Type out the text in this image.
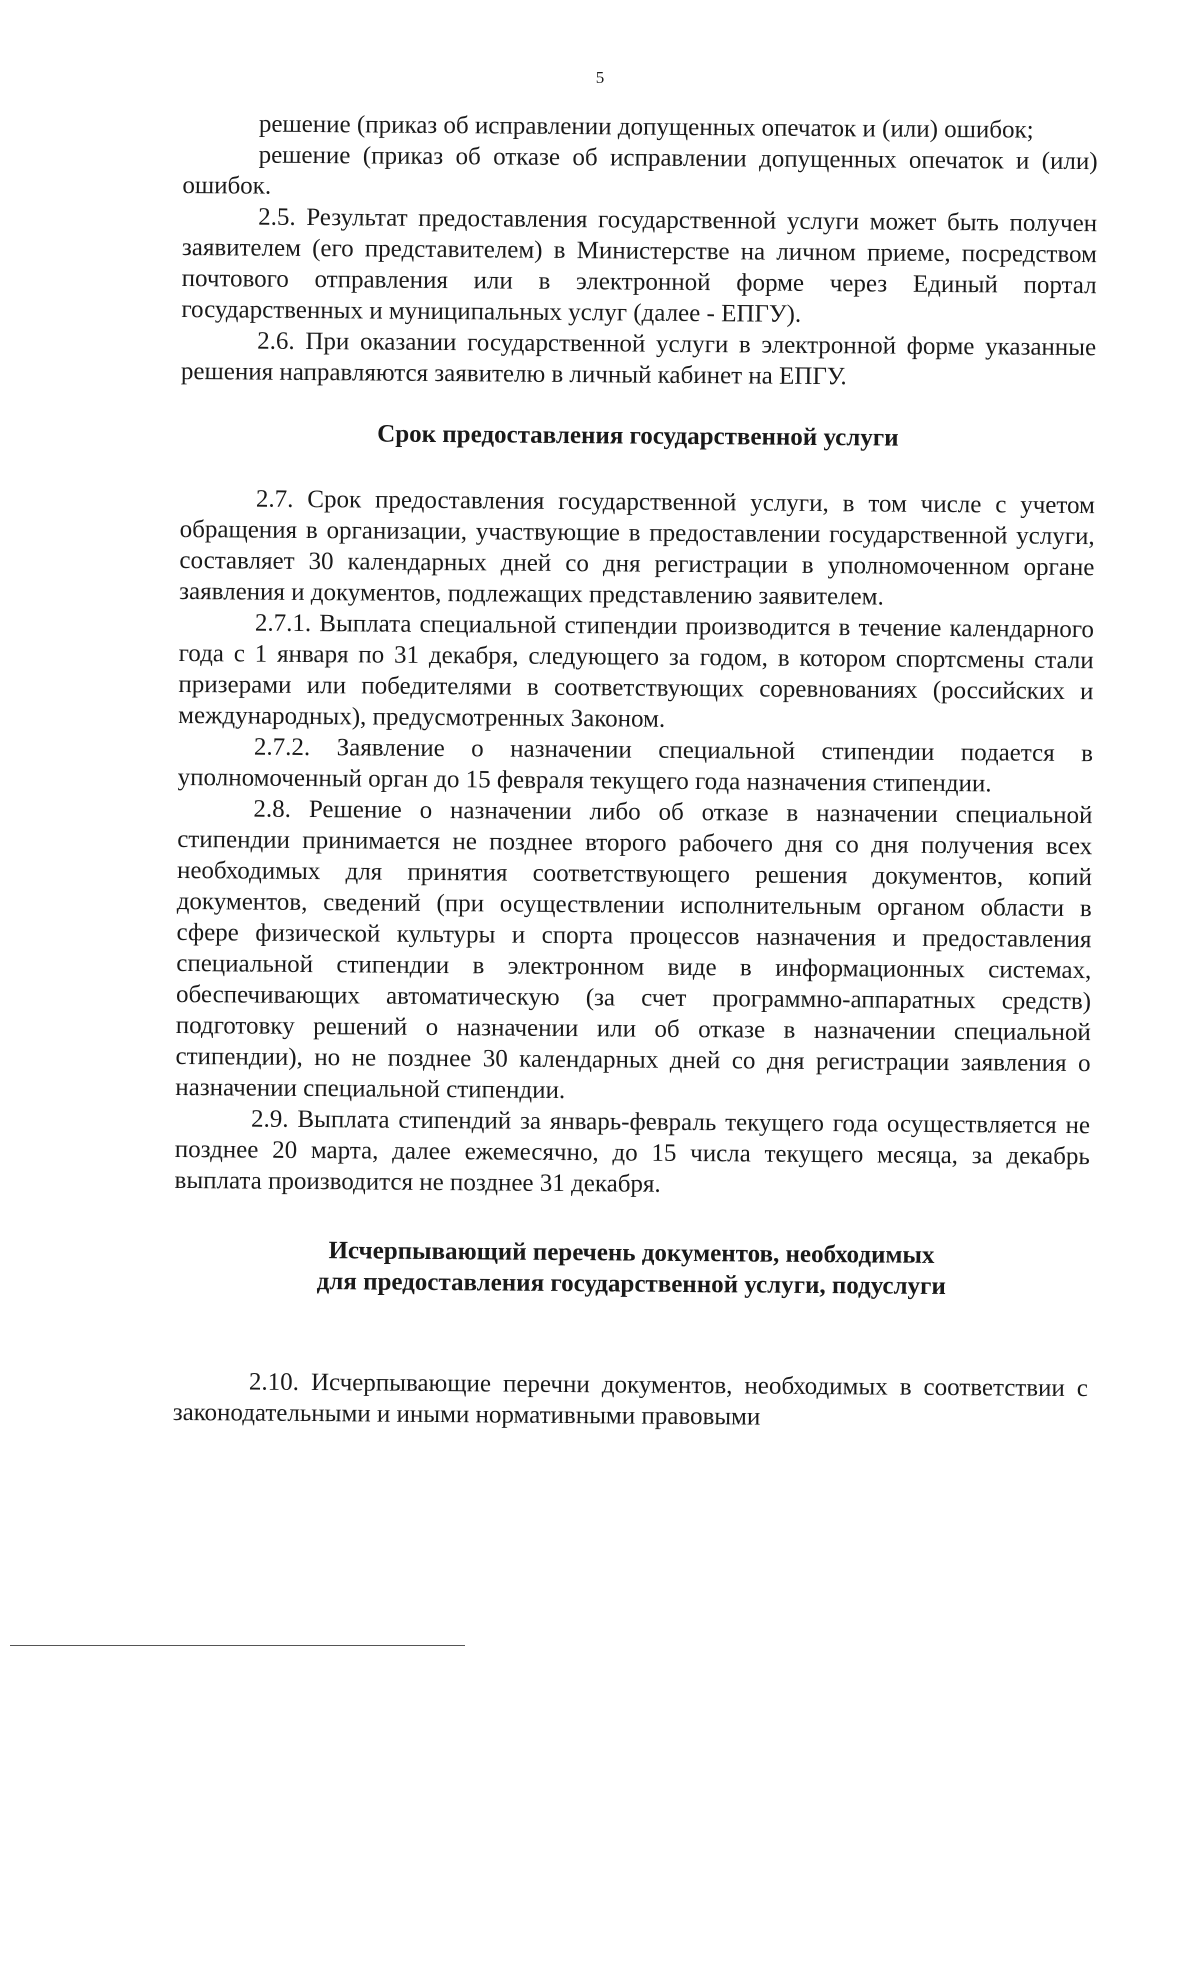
5

решение (приказ об исправлении допущенных опечаток и (или) ошибок;

решение (приказ об отказе об исправлении допущенных опечаток и (или) ошибок.

2.5. Результат предоставления государственной услуги может быть получен заявителем (его представителем) в Министерстве на личном приеме, посредством почтового отправления или в электронной форме через Единый портал государственных и муниципальных услуг (далее - ЕПГУ).

2.6. При оказании государственной услуги в электронной форме указанные решения направляются заявителю в личный кабинет на ЕПГУ.

Срок предоставления государственной услуги

2.7. Срок предоставления государственной услуги, в том числе с учетом обращения в организации, участвующие в предоставлении государственной услуги, составляет 30 календарных дней со дня регистрации в уполномоченном органе заявления и документов, подлежащих представлению заявителем.

2.7.1. Выплата специальной стипендии производится в течение календарного года с 1 января по 31 декабря, следующего за годом, в котором спортсмены стали призерами или победителями в соответствующих соревнованиях (российских и международных), предусмотренных Законом.

2.7.2. Заявление о назначении специальной стипендии подается в уполномоченный орган до 15 февраля текущего года назначения стипендии.

2.8. Решение о назначении либо об отказе в назначении специальной стипендии принимается не позднее второго рабочего дня со дня получения всех необходимых для принятия соответствующего решения документов, копий документов, сведений (при осуществлении исполнительным органом области в сфере физической культуры и спорта процессов назначения и предоставления специальной стипендии в электронном виде в информационных системах, обеспечивающих автоматическую (за счет программно-аппаратных средств) подготовку решений о назначении или об отказе в назначении специальной стипендии), но не позднее 30 календарных дней со дня регистрации заявления о назначении специальной стипендии.

2.9. Выплата стипендий за январь-февраль текущего года осуществляется не позднее 20 марта, далее ежемесячно, до 15 числа текущего месяца, за декабрь выплата производится не позднее 31 декабря.

Исчерпывающий перечень документов, необходимых
для предоставления государственной услуги, подуслуги

2.10. Исчерпывающие перечни документов, необходимых в соответствии с законодательными и иными нормативными правовыми
